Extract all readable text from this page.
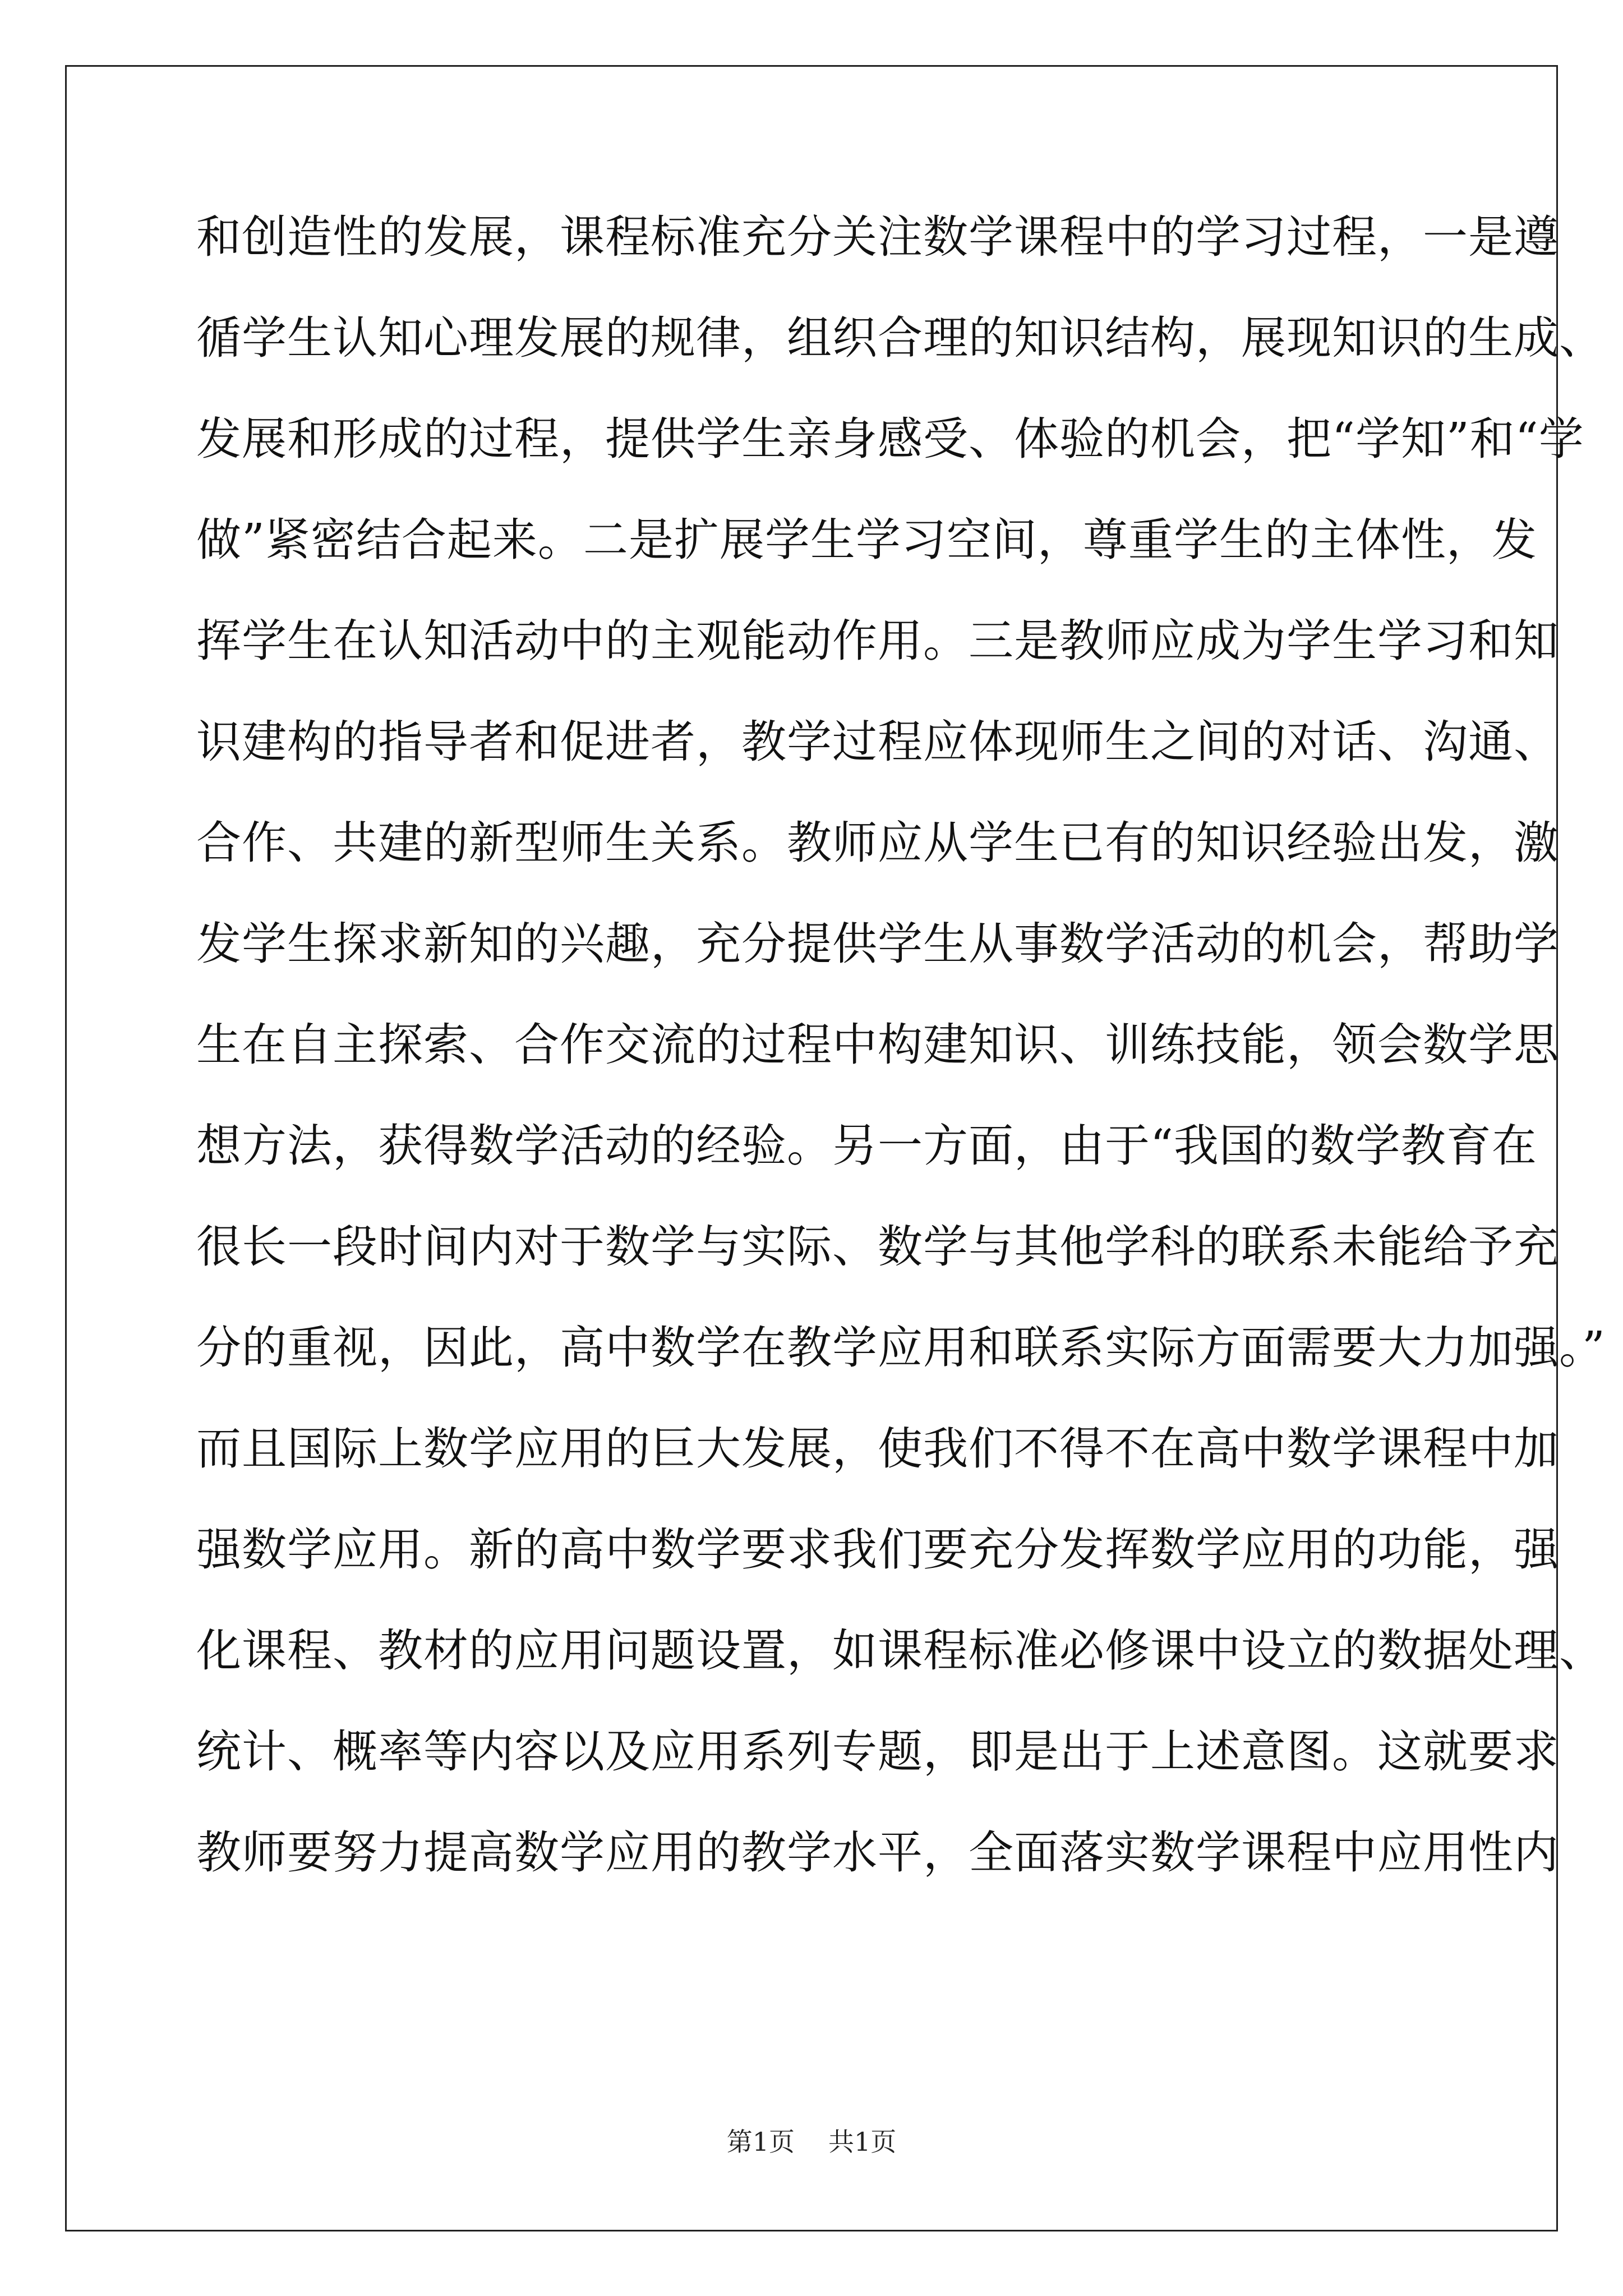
和创造性的发展，课程标准充分关注数学课程中的学习过程，一是遵
循学生认知心理发展的规律，组织合理的知识结构，展现知识的生成、
发展和形成的过程，提供学生亲身感受、体验的机会，把“学知”和“学
做”紧密结合起来。二是扩展学生学习空间，尊重学生的主体性，发
挥学生在认知活动中的主观能动作用。三是教师应成为学生学习和知
识建构的指导者和促进者，教学过程应体现师生之间的对话、沟通、
合作、共建的新型师生关系。教师应从学生已有的知识经验出发，激
发学生探求新知的兴趣，充分提供学生从事数学活动的机会，帮助学
生在自主探索、合作交流的过程中构建知识、训练技能，领会数学思
想方法，获得数学活动的经验。另一方面，由于“我国的数学教育在
很长一段时间内对于数学与实际、数学与其他学科的联系未能给予充
分的重视，因此，高中数学在教学应用和联系实际方面需要大力加强。”
而且国际上数学应用的巨大发展，使我们不得不在高中数学课程中加
强数学应用。新的高中数学要求我们要充分发挥数学应用的功能，强
化课程、教材的应用问题设置，如课程标准必修课中设立的数据处理、
统计、概率等内容以及应用系列专题，即是出于上述意图。这就要求
教师要努力提高数学应用的教学水平，全面落实数学课程中应用性内
第1页 共1页
